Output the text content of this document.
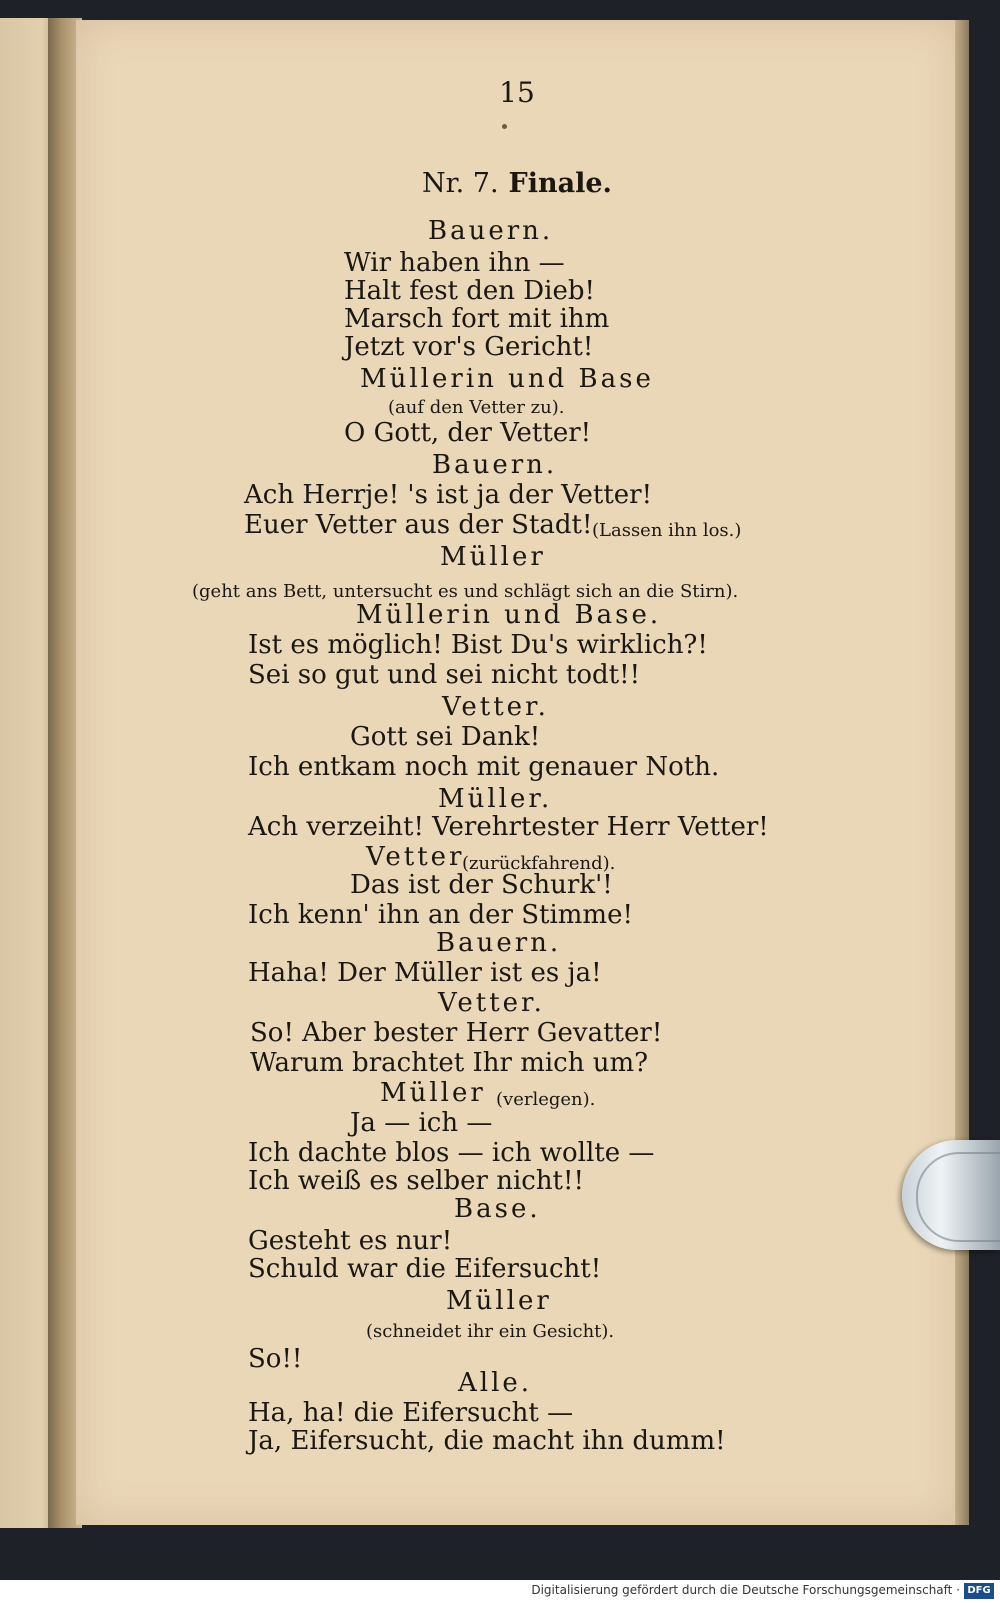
15
Nr. 7. Finale.
Bauern.
Wir haben ihn —
Halt fest den Dieb!
Marsch fort mit ihm
Jetzt vor's Gericht!
Müllerin und Base
(auf den Vetter zu).
O Gott, der Vetter!
Bauern.
Ach Herrje! 's ist ja der Vetter!
Euer Vetter aus der Stadt! (Lassen ihn los.)
Müller
(geht ans Bett, untersucht es und schlägt sich an die Stirn).
Müllerin und Base.
Ist es möglich! Bist Du's wirklich?!
Sei so gut und sei nicht todt!!
Vetter.
Gott sei Dank!
Ich entkam noch mit genauer Noth.
Müller.
Ach verzeiht! Verehrtester Herr Vetter!
Vetter
(zurückfahrend).
Das ist der Schurk'!
Ich kenn' ihn an der Stimme!
Bauern.
Haha! Der Müller ist es ja!
Vetter.
So! Aber bester Herr Gevatter!
Warum brachtet Ihr mich um?
Müller (verlegen).
Ja — ich —
Ich dachte blos — ich wollte —
Ich weiß es selber nicht!!
Base.
Gesteht es nur!
Schuld war die Eifersucht!
Müller
(schneidet ihr ein Gesicht).
So!!
Alle.
Ha, ha! die Eifersucht —
Ja, Eifersucht, die macht ihn dumm!
Digitalisierung gefördert durch die Deutsche Forschungsgemeinschaft · DFG
